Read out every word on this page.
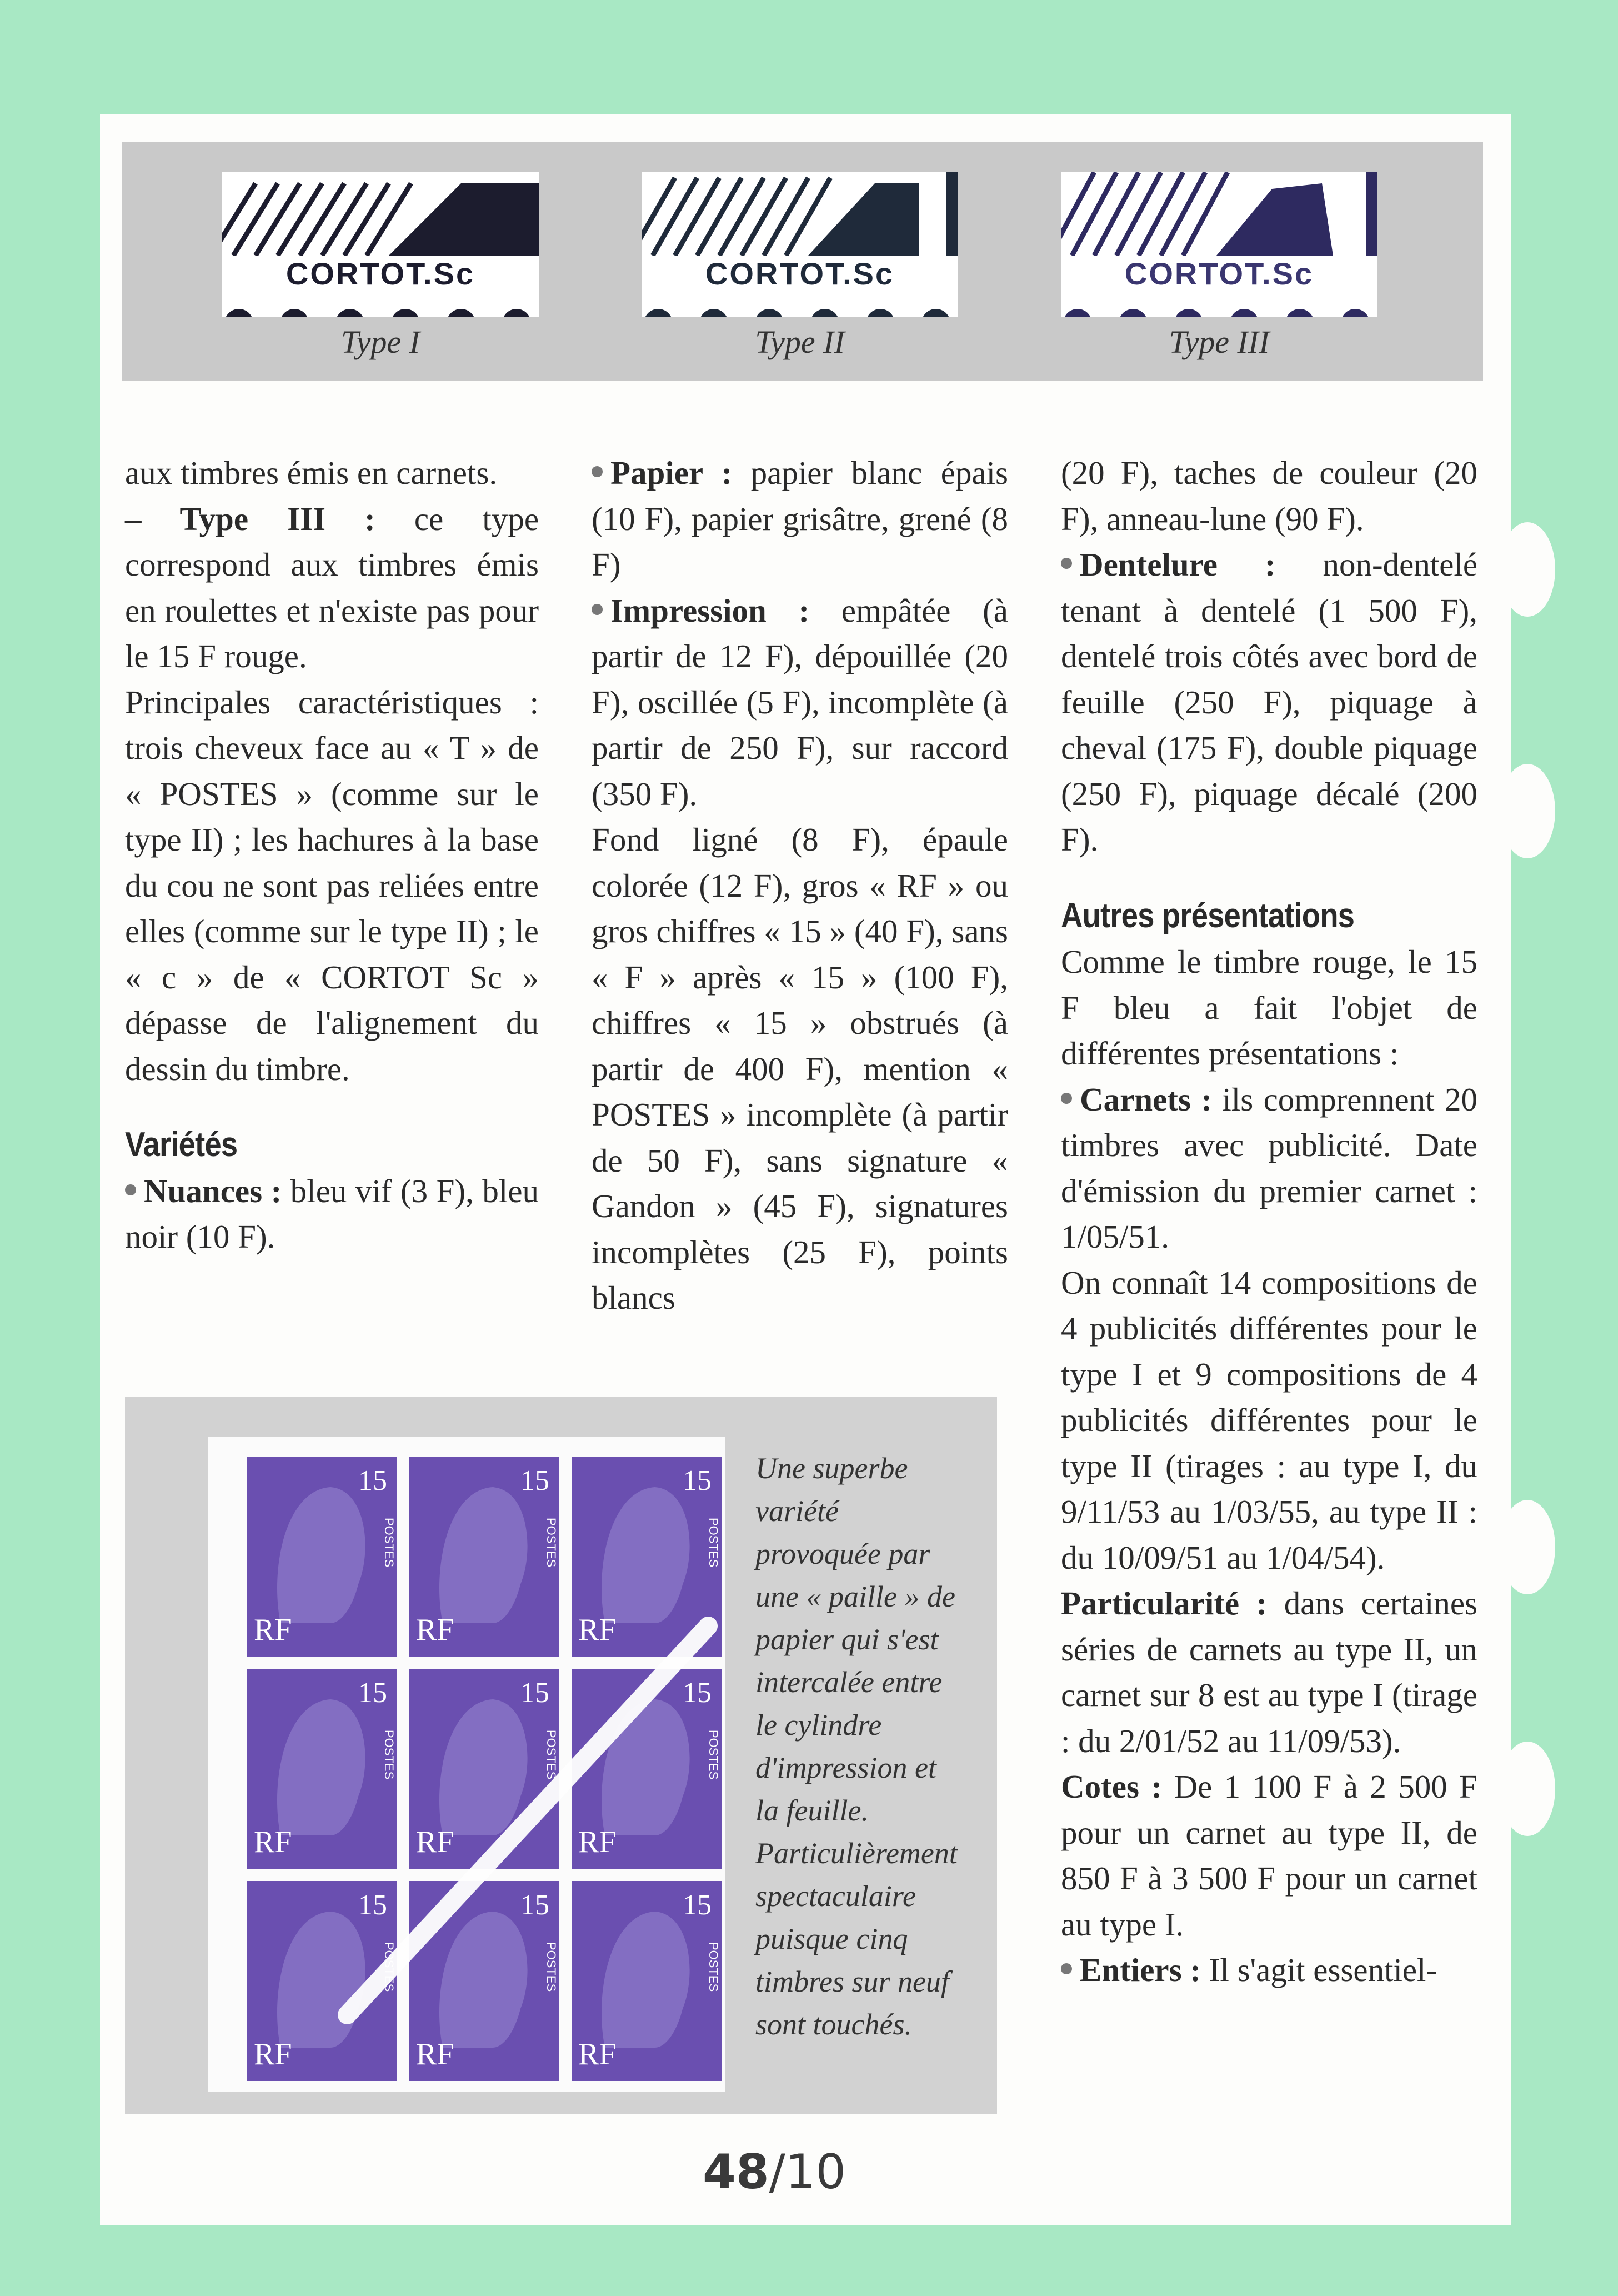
CORTOT.Sc
Type I
CORTOT.Sc
Type II
CORTOT.Sc
Type III

aux timbres émis en carnets.

– Type III : ce type correspond aux timbres émis en roulettes et n'existe pas pour le 15 F rouge.

Principales caractéristiques : trois cheveux face au « T » de « POSTES » (comme sur le type II) ; les hachures à la base du cou ne sont pas reliées entre elles (comme sur le type II) ; le « c » de « CORTOT Sc » dépasse de l'alignement du dessin du timbre.

Variétés

Nuances : bleu vif (3 F), bleu noir (10 F).

Papier : papier blanc épais (10 F), papier grisâtre, grené (8 F)

Impression : empâtée (à partir de 12 F), dépouillée (20 F), oscillée (5 F), incomplète (à partir de 250 F), sur raccord (350 F).

Fond ligné (8 F), épaule colorée (12 F), gros « RF » ou gros chiffres « 15 » (40 F), sans « F » après « 15 » (100 F), chiffres « 15 » obstrués (à partir de 400 F), mention « POSTES » incomplète (à partir de 50 F), sans signature « Gandon » (45 F), signatures incomplètes (25 F), points blancs

(20 F), taches de couleur (20 F), anneau-lune (90 F).

Dentelure : non-dentelé tenant à dentelé (1 500 F), dentelé trois côtés avec bord de feuille (250 F), piquage à cheval (175 F), double piquage (250 F), piquage décalé (200 F).

Autres présentations

Comme le timbre rouge, le 15 F bleu a fait l'objet de différentes présentations :

Carnets : ils comprennent 20 timbres avec publicité. Date d'émission du premier carnet : 1/05/51.

On connaît 14 compositions de 4 publicités différentes pour le type I et 9 compositions de 4 publicités différentes pour le type II (tirages : au type I, du 9/11/53 au 1/03/55, au type II : du 10/09/51 au 1/04/54).

Particularité : dans certaines séries de carnets au type II, un carnet sur 8 est au type I (tirage : du 2/01/52 au 11/09/53).

Cotes : De 1 100 F à 2 500 F pour un carnet au type II, de 850 F à 3 500 F pour un carnet au type I.

Entiers : Il s'agit essentiel-

15
RF
POSTES
15
RF
POSTES
15
RF
POSTES
15
RF
POSTES
15
RF
POSTES
15
RF
POSTES
15
RF
15
RF
POSTES
15
RF
POSTES
Une superbe variété provoquée par une « paille » de papier qui s'est intercalée entre le cylindre d'impression et la feuille. Particulièrement spectaculaire puisque cinq timbres sur neuf sont touchés.
48/10
